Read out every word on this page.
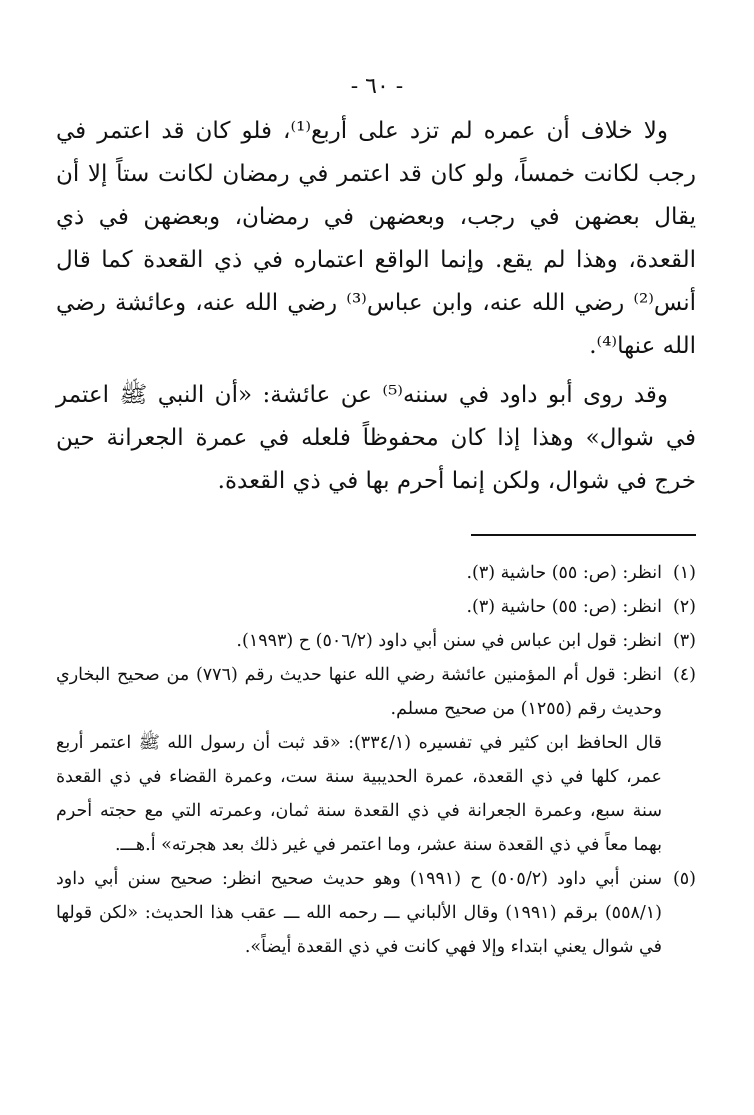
- ٦٠ -

ولا خلاف أن عمره لم تزد على أربع⁽¹⁾، فلو كان قد اعتمر في رجب لكانت خمساً، ولو كان قد اعتمر في رمضان لكانت ستاً إلا أن يقال بعضهن في رجب، وبعضهن في رمضان، وبعضهن في ذي القعدة، وهذا لم يقع. وإنما الواقع اعتماره في ذي القعدة كما قال أنس⁽²⁾ رضي الله عنه، وابن عباس⁽³⁾ رضي الله عنه، وعائشة رضي الله عنها⁽⁴⁾.

وقد روى أبو داود في سننه⁽⁵⁾ عن عائشة: «أن النبي ﷺ اعتمر في شوال» وهذا إذا كان محفوظاً فلعله في عمرة الجعرانة حين خرج في شوال، ولكن إنما أحرم بها في ذي القعدة.

(١)انظر: (ص: ٥٥) حاشية (٣).

(٢)انظر: (ص: ٥٥) حاشية (٣).

(٣)انظر: قول ابن عباس في سنن أبي داود (٥٠٦/٢) ح (١٩٩٣).

(٤)انظر: قول أم المؤمنين عائشة رضي الله عنها حديث رقم (٧٧٦) من صحيح البخاري وحديث رقم (١٢٥٥) من صحيح مسلم.

قال الحافظ ابن كثير في تفسيره (٣٣٤/١): «قد ثبت أن رسول الله ﷺ اعتمر أربع عمر، كلها في ذي القعدة، عمرة الحديبية سنة ست، وعمرة القضاء في ذي القعدة سنة سبع، وعمرة الجعرانة في ذي القعدة سنة ثمان، وعمرته التي مع حجته أحرم بهما معاً في ذي القعدة سنة عشر، وما اعتمر في غير ذلك بعد هجرته» أ.هـــ.

(٥)سنن أبي داود (٥٠٥/٢) ح (١٩٩١) وهو حديث صحيح انظر: صحيح سنن أبي داود (٥٥٨/١) برقم (١٩٩١) وقال الألباني ـــ رحمه الله ـــ عقب هذا الحديث: «لكن قولها في شوال يعني ابتداء وإلا فهي كانت في ذي القعدة أيضاً».
